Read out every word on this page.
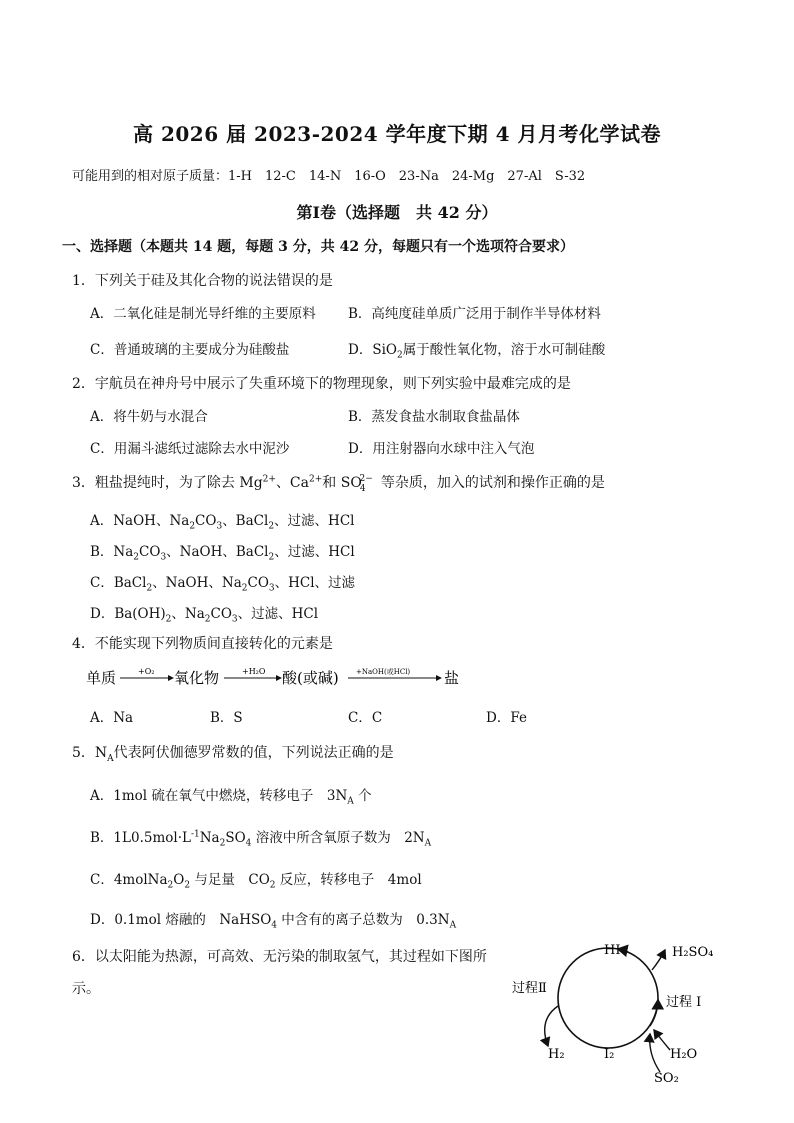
高 2026 届 2023-2024 学年度下期 4 月月考化学试卷
可能用到的相对原子质量：1-H　12-C　14-N　16-O　23-Na　24-Mg　27-Al　S-32
第Ⅰ卷（选择题　共 42 分）
一、选择题（本题共 14 题，每题 3 分，共 42 分，每题只有一个选项符合要求）
1．下列关于硅及其化合物的说法错误的是
A．二氧化硅是制光导纤维的主要原料 B．高纯度硅单质广泛用于制作半导体材料
C．普通玻璃的主要成分为硅酸盐	D．SiO$_2$属于酸性氧化物，溶于水可制硅酸
2．宇航员在神舟号中展示了失重环境下的物理现象，则下列实验中最难完成的是
A．将牛奶与水混合	B．蒸发食盐水制取食盐晶体
C．用漏斗滤纸过滤除去水中泥沙	D．用注射器向水球中注入气泡
3．粗盐提纯时，为了除去 $Mg^{2+}$、$Ca^{2+}$和 $SO_4^{2-}$ 等杂质，加入的试剂和操作正确的是
A．NaOH、$Na_2CO_3$、BaCl$_2$、过滤、HCl
B．$Na_2CO_3$、NaOH、BaCl$_2$、过滤、HCl
C．BaCl$_2$、NaOH、$Na_2CO_3$、HCl、过滤
D．$Ba(OH)_2$、$Na_2CO_3$、过滤、HCl
4．不能实现下列物质间直接转化的元素是
单质	+O₂ 氧化物	+H₂O 酸(或碱) +NaOH(或HCl) 盐
A．Na	B．S	C．C	D．Fe
5．$N_A$代表阿伏伽德罗常数的值，下列说法正确的是
A．1mol 硫在氧气中燃烧，转移电子　$3N_A$ 个
B．$1L0.5mol\cdot L^{-1}Na_2SO_4$ 溶液中所含氧原子数为　$2N_A$
C．$4molNa_2O_2$ 与足量　$CO_2$ 反应，转移电子　4mol
D．0.1mol 熔融的　NaHSO$_4$ 中含有的离子总数为　$0.3N_A$
6．以太阳能为热源，可高效、无污染的制取氢气，其过程如下图所
示。
HI	H₂SO₄
过程Ⅱ
过程 Ⅰ
H₂	I₂	H₂O
SO₂
